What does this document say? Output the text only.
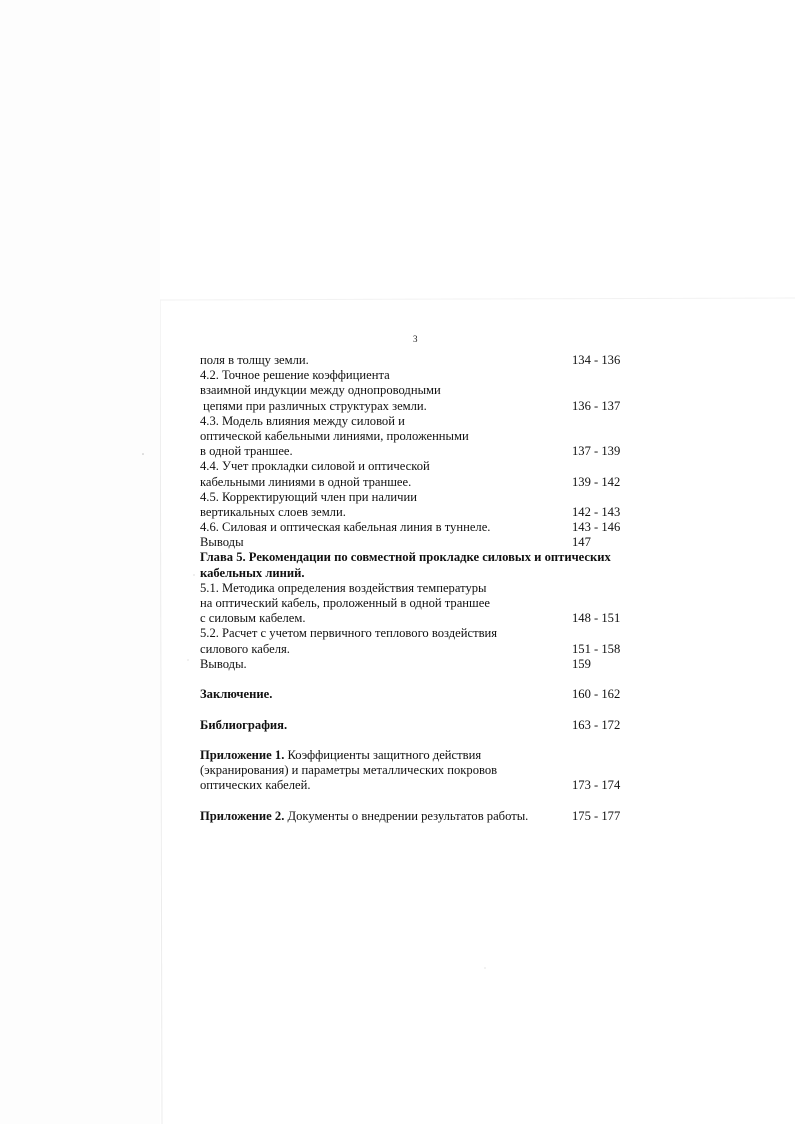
3
поля в толщу земли.	134 - 136
4.2. Точное решение коэффициента
взаимной индукции между однопроводными
цепями при различных структурах земли.	136 - 137
4.3. Модель влияния между силовой и
оптической кабельными линиями, проложенными
в одной траншее.	137 - 139
4.4. Учет прокладки силовой и оптической
кабельными линиями в одной траншее.	139 - 142
4.5. Корректирующий член при наличии
вертикальных слоев земли.	142 - 143
4.6. Силовая и оптическая кабельная линия в туннеле.	143 - 146
Выводы	147
Глава 5. Рекомендации по совместной прокладке силовых и оптических
кабельных линий.
5.1. Методика определения воздействия температуры
на оптический кабель, проложенный в одной траншее
с силовым кабелем.	148 - 151
5.2. Расчет с учетом первичного теплового воздействия
силового кабеля.	151 - 158
Выводы.	159
Заключение.	160 - 162
Библиография.	163 - 172
Приложение 1. Коэффициенты защитного действия
(экранирования) и параметры металлических покровов
оптических кабелей.	173 - 174
Приложение 2. Документы о внедрении результатов работы.	175 - 177
